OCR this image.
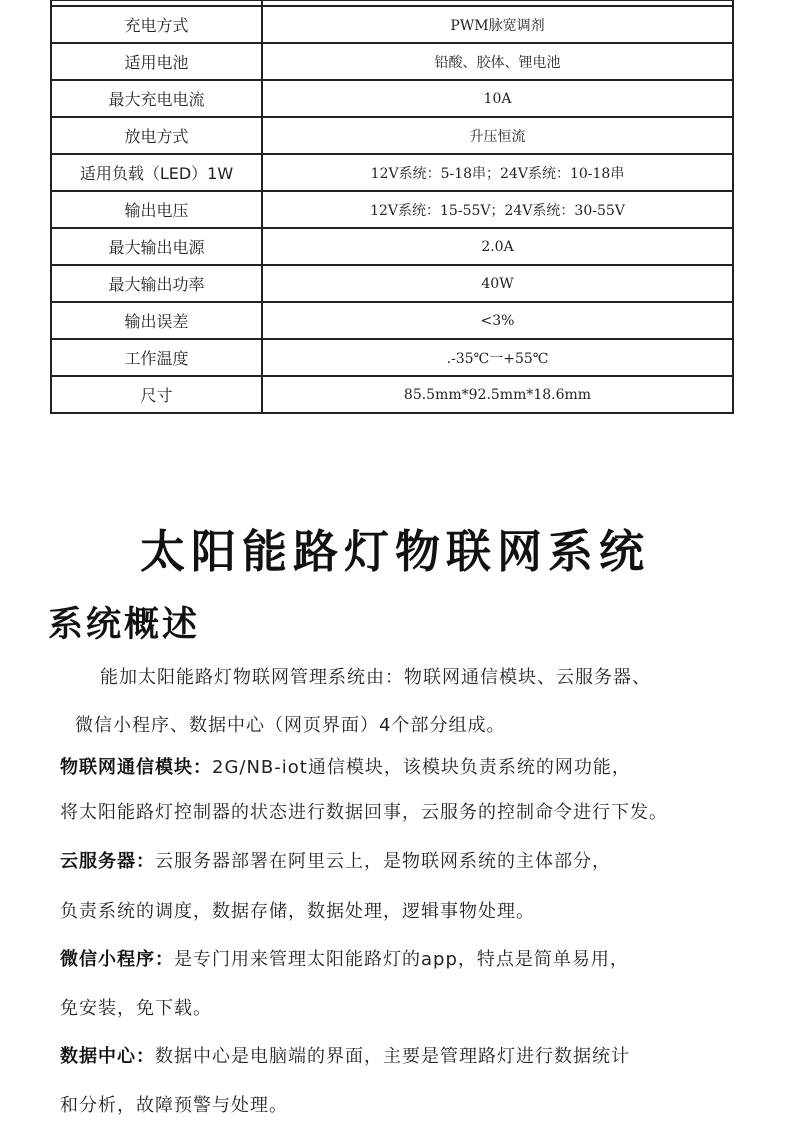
充电方式	PWM脉宽调剂
适用电池	铅酸、胶体、锂电池
最大充电电流	10A
放电方式	升压恒流
适用负载（LED）1W	12V系统：5-18串；24V系统：10-18串
输出电压	12V系统：15-55V；24V系统：30-55V
最大输出电源	2.0A
最大输出功率	40W
输出误差	<3%
工作温度	.-35℃一+55℃
尺寸	85.5mm*92.5mm*18.6mm
太阳能路灯物联网系统
系统概述

能加太阳能路灯物联网管理系统由：物联网通信模块、云服务器、

微信小程序、数据中心（网页界面）4个部分组成。

物联网通信模块：2G/NB-iot通信模块，该模块负责系统的网功能，

将太阳能路灯控制器的状态进行数据回事，云服务的控制命令进行下发。

云服务器：云服务器部署在阿里云上，是物联网系统的主体部分，

负责系统的调度，数据存储，数据处理，逻辑事物处理。

微信小程序：是专门用来管理太阳能路灯的app，特点是简单易用，

免安装，免下载。

数据中心：数据中心是电脑端的界面，主要是管理路灯进行数据统计

和分析，故障预警与处理。
